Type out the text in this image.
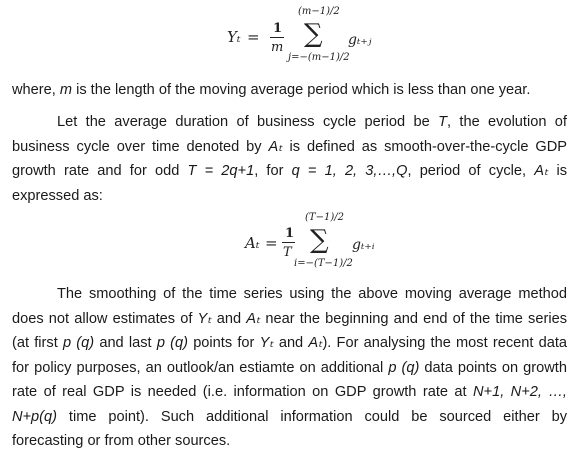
Yₜ = 1
m
(m−1)/2
∑
j=−(m−1)/2
gₜ₊ⱼ
where, m is the length of the moving average period which is less than one year.
Let the average duration of business cycle period be T, the evolution of
business cycle over time denoted by Aₜ is defined as smooth-over-the-cycle GDP
growth rate and for odd T = 2q+1, for q = 1, 2, 3,…,Q, period of cycle, Aₜ is
expressed as:
Aₜ =
1
T
(T−1)/2
∑
i=−(T−1)/2
gₜ₊ᵢ
The smoothing of the time series using the above moving average method
does not allow estimates of Yₜ and Aₜ near the beginning and end of the time series
(at first p (q) and last p (q) points for Yₜ and Aₜ). For analysing the most recent data
for policy purposes, an outlook/an estiamte on additional p (q) data points on growth
rate of real GDP is needed (i.e. information on GDP growth rate at N+1, N+2, …,
N+p(q) time point). Such additional information could be sourced either by
forecasting or from other sources.
